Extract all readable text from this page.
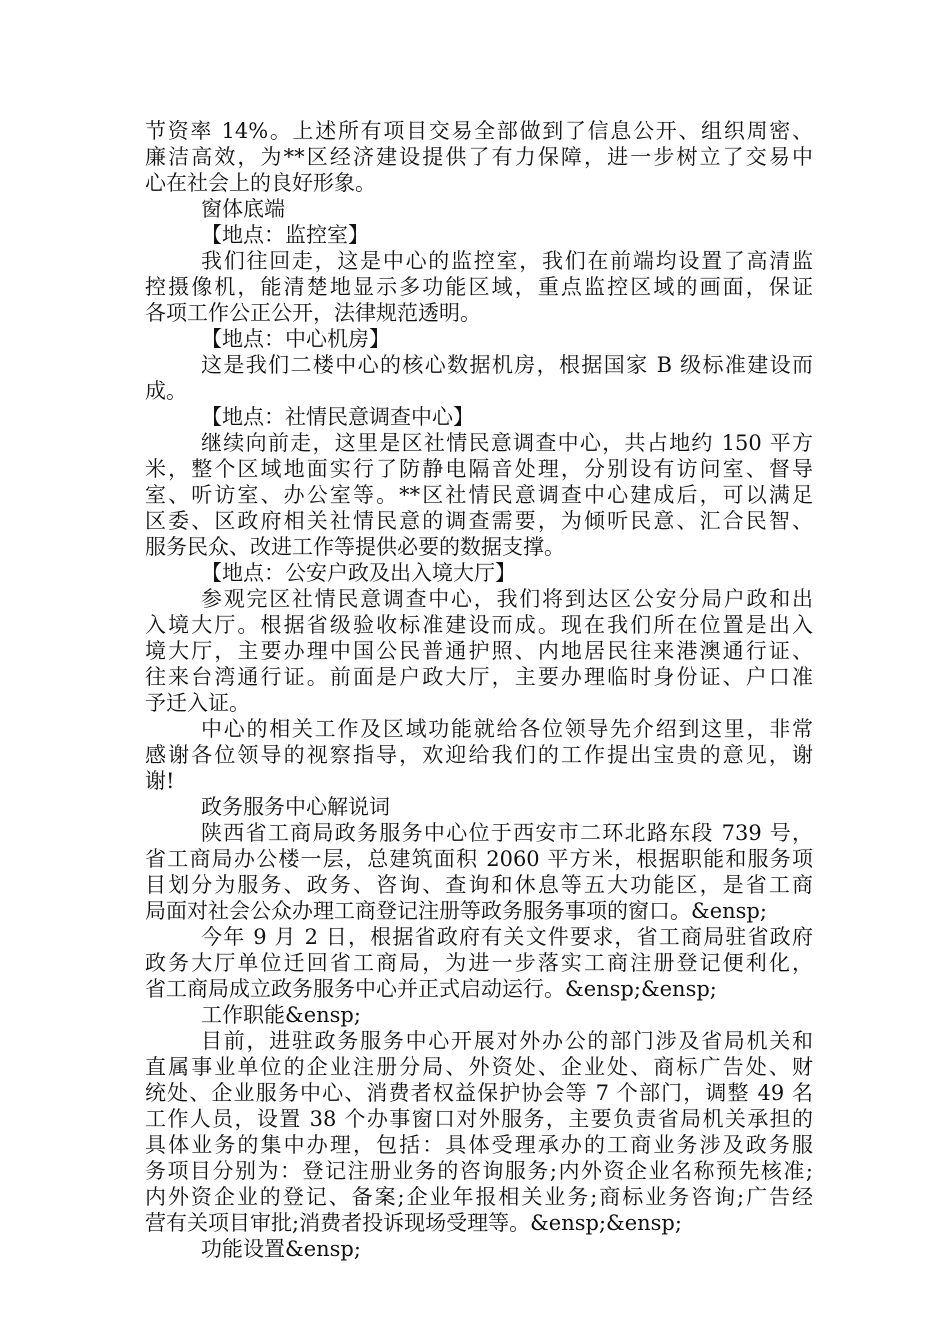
节资率 14%。上述所有项目交易全部做到了信息公开、组织周密、
廉洁高效，为**区经济建设提供了有力保障，进一步树立了交易中
心在社会上的良好形象。
窗体底端
【地点：监控室】
我们往回走，这是中心的监控室，我们在前端均设置了高清监
控摄像机，能清楚地显示多功能区域，重点监控区域的画面，保证
各项工作公正公开，法律规范透明。
【地点：中心机房】
这是我们二楼中心的核心数据机房，根据国家 B 级标准建设而
成。
【地点：社情民意调查中心】
继续向前走，这里是区社情民意调查中心，共占地约 150 平方
米，整个区域地面实行了防静电隔音处理，分别设有访问室、督导
室、听访室、办公室等。**区社情民意调查中心建成后，可以满足
区委、区政府相关社情民意的调查需要，为倾听民意、汇合民智、
服务民众、改进工作等提供必要的数据支撑。
【地点：公安户政及出入境大厅】
参观完区社情民意调查中心，我们将到达区公安分局户政和出
入境大厅。根据省级验收标准建设而成。现在我们所在位置是出入
境大厅，主要办理中国公民普通护照、内地居民往来港澳通行证、
往来台湾通行证。前面是户政大厅，主要办理临时身份证、户口准
予迁入证。
中心的相关工作及区域功能就给各位领导先介绍到这里，非常
感谢各位领导的视察指导，欢迎给我们的工作提出宝贵的意见，谢
谢!
政务服务中心解说词
陕西省工商局政务服务中心位于西安市二环北路东段 739 号，
省工商局办公楼一层，总建筑面积 2060 平方米，根据职能和服务项
目划分为服务、政务、咨询、查询和休息等五大功能区，是省工商
局面对社会公众办理工商登记注册等政务服务事项的窗口。&ensp;
今年 9 月 2 日，根据省政府有关文件要求，省工商局驻省政府
政务大厅单位迁回省工商局，为进一步落实工商注册登记便利化，
省工商局成立政务服务中心并正式启动运行。&ensp;&ensp;
工作职能&ensp;
目前，进驻政务服务中心开展对外办公的部门涉及省局机关和
直属事业单位的企业注册分局、外资处、企业处、商标广告处、财
统处、企业服务中心、消费者权益保护协会等 7 个部门，调整 49 名
工作人员，设置 38 个办事窗口对外服务，主要负责省局机关承担的
具体业务的集中办理，包括：具体受理承办的工商业务涉及政务服
务项目分别为：登记注册业务的咨询服务;内外资企业名称预先核准;
内外资企业的登记、备案;企业年报相关业务;商标业务咨询;广告经
营有关项目审批;消费者投诉现场受理等。&ensp;&ensp;
功能设置&ensp;
